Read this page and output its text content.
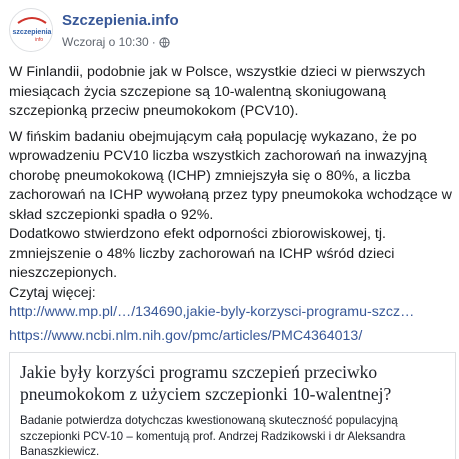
szczepienia
info
Szczepienia.info
Wczoraj o 10:30 ·

W Finlandii, podobnie jak w Polsce, wszystkie dzieci w pierwszych miesiącach życia szczepione są 10-walentną skoniugowaną szczepionką przeciw pneumokokom (PCV10).

W fińskim badaniu obejmującym całą populację wykazano, że po wprowadzeniu PCV10 liczba wszystkich zachorowań na inwazyjną chorobę pneumokokową (ICHP) zmniejszyła się o 80%, a liczba zachorowań na ICHP wywołaną przez typy pneumokoka wchodzące w skład szczepionki spadła o 92%.

Dodatkowo stwierdzono efekt odporności zbiorowiskowej, tj. zmniejszenie o 48% liczby zachorowań na ICHP wśród dzieci nieszczepionych.

Czytaj więcej:

http://www.mp.pl/…/134690,jakie-byly-korzysci-programu-szcz…
https://www.ncbi.nlm.nih.gov/pmc/articles/PMC4364013/
Jakie były korzyści programu szczepień przeciwko pneumokokom z użyciem szczepionki 10-walentnej?
Badanie potwierdza dotychczas kwestionowaną skuteczność populacyjną szczepionki PCV-10 – komentują prof. Andrzej Radzikowski i dr Aleksandra Banaszkiewicz.
